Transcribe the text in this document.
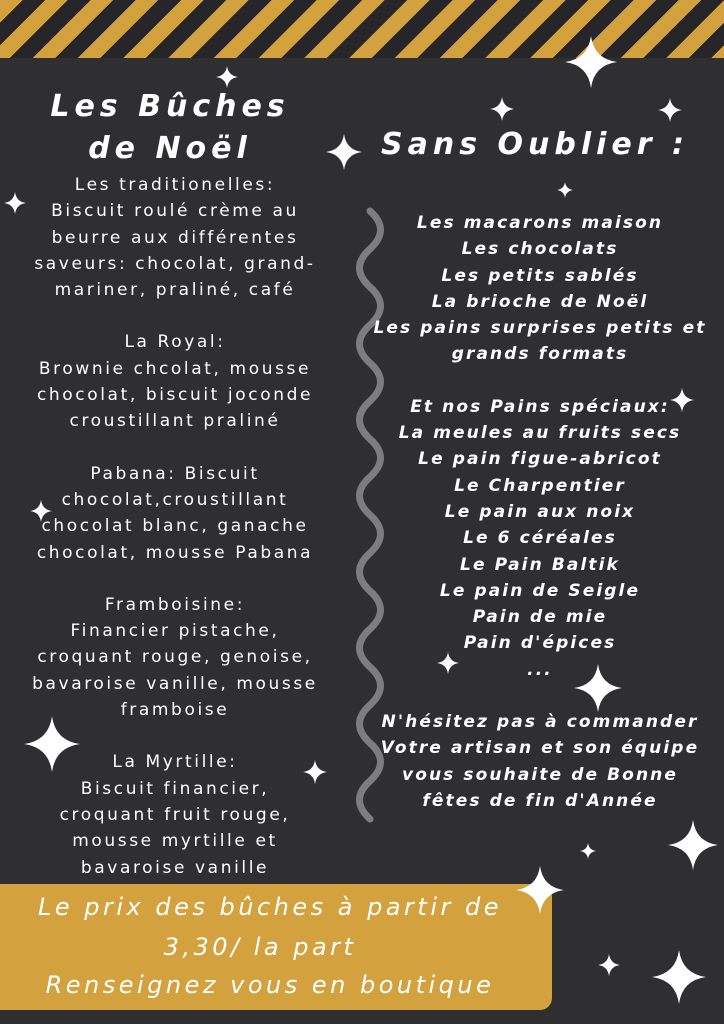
Les Bûches de Noël	Sans Oublier :
Les traditionelles:
Biscuit roulé crème au
beurre aux différentes
saveurs: chocolat, grand-
mariner, praliné, café
La Royal:
Brownie chcolat, mousse
chocolat, biscuit joconde
croustillant praliné
Pabana: Biscuit
chocolat,croustillant
chocolat blanc, ganache
chocolat, mousse Pabana
Framboisine:
Financier pistache,
croquant rouge, genoise,
bavaroise vanille, mousse
framboise
La Myrtille:
Biscuit financier,
croquant fruit rouge,
mousse myrtille et
bavaroise vanille
Les macarons maison
Les chocolats
Les petits sablés
La brioche de Noël
Les pains surprises petits et
grands formats
Et nos Pains spéciaux:
La meules au fruits secs
Le pain figue-abricot
Le Charpentier
Le pain aux noix
Le 6 céréales
Le Pain Baltik
Le pain de Seigle
Pain de mie
Pain d'épices
...
N'hésitez pas à commander
Votre artisan et son équipe
vous souhaite de Bonne
fêtes de fin d'Année
Le prix des bûches à partir de
3,30/ la part
Renseignez vous en boutique
